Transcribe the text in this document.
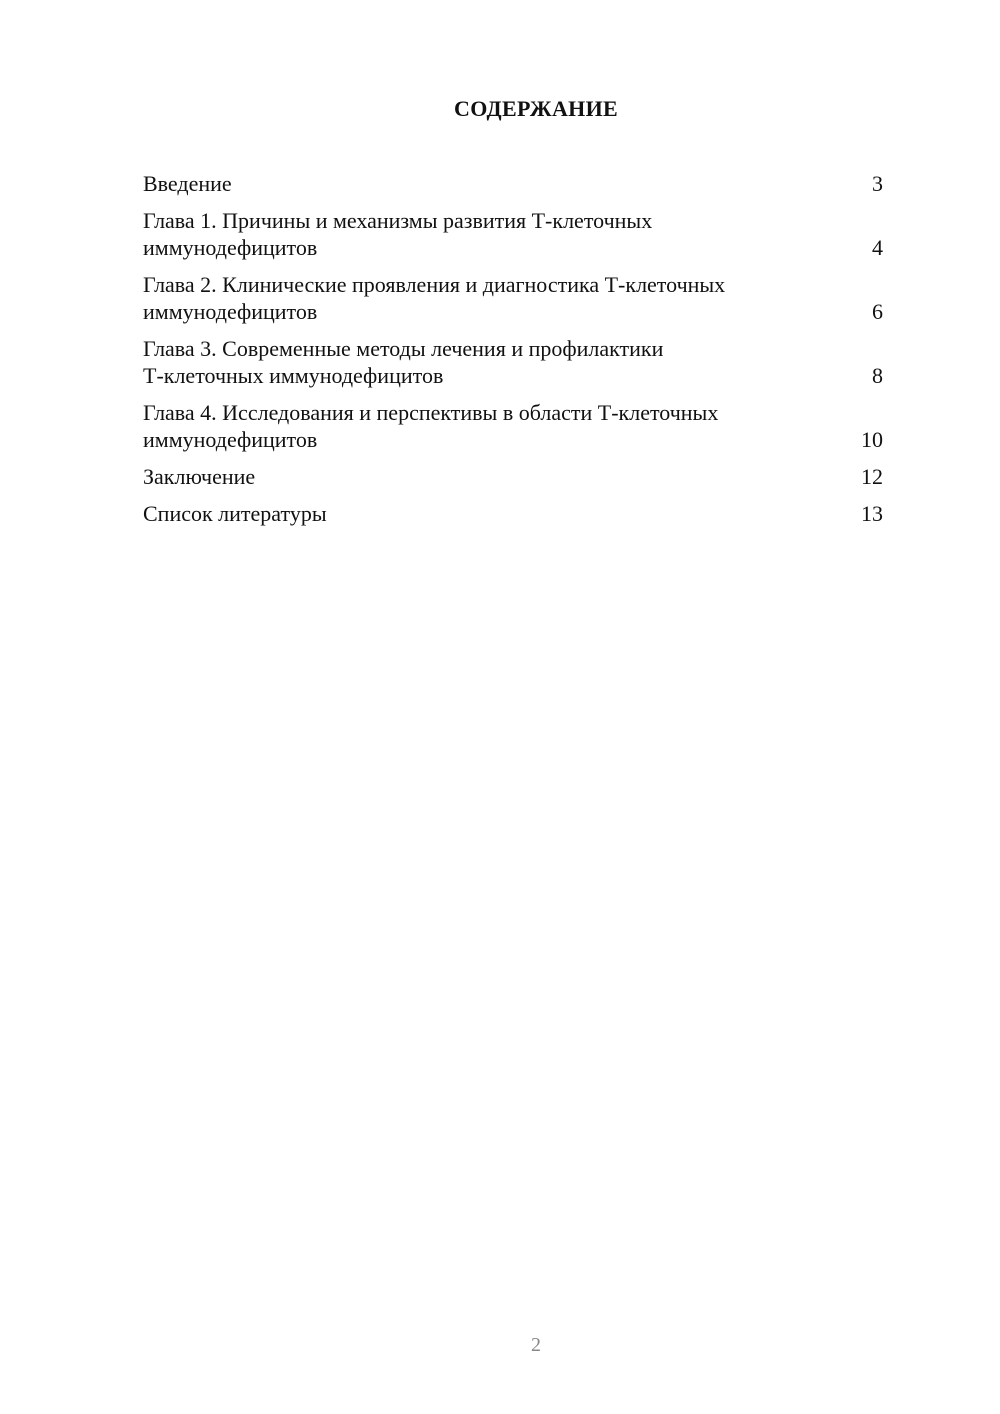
СОДЕРЖАНИЕ
Введение	3
Глава 1. Причины и механизмы развития Т-клеточных
иммунодефицитов	4
Глава 2. Клинические проявления и диагностика Т-клеточных
иммунодефицитов	6
Глава 3. Современные методы лечения и профилактики
Т-клеточных иммунодефицитов	8
Глава 4. Исследования и перспективы в области Т-клеточных
иммунодефицитов	10
Заключение	12
Список литературы	13
2
